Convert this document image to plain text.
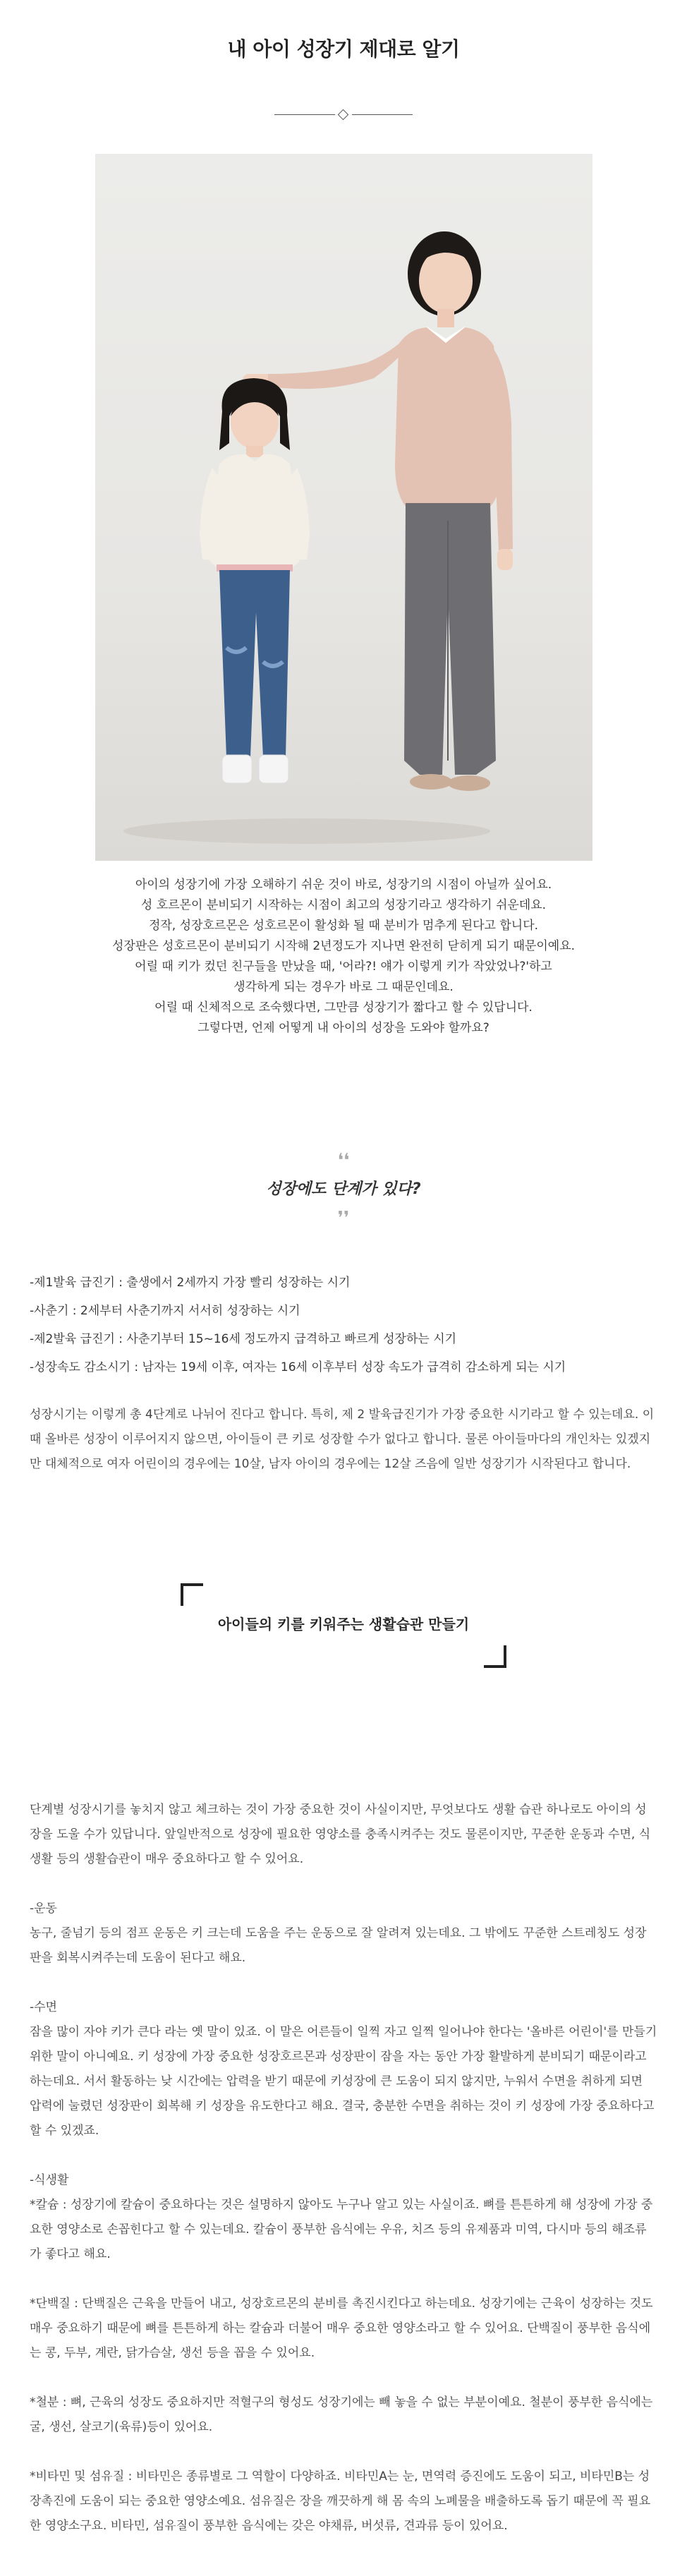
내 아이 성장기 제대로 알기

아이의 성장기에 가장 오해하기 쉬운 것이 바로, 성장기의 시점이 아닐까 싶어요.

성 호르몬이 분비되기 시작하는 시점이 최고의 성장기라고 생각하기 쉬운데요.

정작, 성장호르몬은 성호르몬이 활성화 될 때 분비가 멈추게 된다고 합니다.

성장판은 성호르몬이 분비되기 시작해 2년정도가 지나면 완전히 닫히게 되기 때문이예요.

어릴 때 키가 컸던 친구들을 만났을 때, '어라?! 얘가 이렇게 키가 작았었나?'하고

생각하게 되는 경우가 바로 그 때문인데요.

어릴 때 신체적으로 조숙했다면, 그만큼 성장기가 짧다고 할 수 있답니다.

그렇다면, 언제 어떻게 내 아이의 성장을 도와야 할까요?

❛❛
성장에도 단계가 있다?
❜❜

-제1발육 급진기 : 출생에서 2세까지 가장 빨리 성장하는 시기

-사춘기 : 2세부터 사춘기까지 서서히 성장하는 시기

-제2발육 급진기 : 사춘기부터 15~16세 정도까지 급격하고 빠르게 성장하는 시기

-성장속도 감소시기 : 남자는 19세 이후, 여자는 16세 이후부터 성장 속도가 급격히 감소하게 되는 시기

성장시기는 이렇게 총 4단계로 나뉘어 진다고 합니다. 특히, 제 2 발육급진기가 가장 중요한 시기라고 할 수 있는데요. 이 때 올바른 성장이 이루어지지 않으면, 아이들이 큰 키로 성장할 수가 없다고 합니다. 물론 아이들마다의 개인차는 있겠지만 대체적으로 여자 어린이의 경우에는 10살, 남자 아이의 경우에는 12살 즈음에 일반 성장기가 시작된다고 합니다.

아이들의 키를 키워주는 생활습관 만들기

단계별 성장시기를 놓치지 않고 체크하는 것이 가장 중요한 것이 사실이지만, 무엇보다도 생활 습관 하나로도 아이의 성장을 도울 수가 있답니다. 앞일반적으로 성장에 필요한 영양소를 충족시켜주는 것도 물론이지만, 꾸준한 운동과 수면, 식생활 등의 생활습관이 매우 중요하다고 할 수 있어요.

-운동

농구, 줄넘기 등의 점프 운동은 키 크는데 도움을 주는 운동으로 잘 알려져 있는데요. 그 밖에도 꾸준한 스트레칭도 성장판을 회복시켜주는데 도움이 된다고 해요.

-수면

잠을 많이 자야 키가 큰다 라는 옛 말이 있죠. 이 말은 어른들이 일찍 자고 일찍 일어나야 한다는 '올바른 어린이'를 만들기 위한 말이 아니예요. 키 성장에 가장 중요한 성장호르몬과 성장판이 잠을 자는 동안 가장 활발하게 분비되기 때문이라고 하는데요. 서서 활동하는 낮 시간에는 압력을 받기 때문에 키성장에 큰 도움이 되지 않지만, 누워서 수면을 취하게 되면 압력에 눌렸던 성장판이 회복해 키 성장을 유도한다고 해요. 결국, 충분한 수면을 취하는 것이 키 성장에 가장 중요하다고 할 수 있겠죠.

-식생활

*칼슘 : 성장기에 칼슘이 중요하다는 것은 설명하지 않아도 누구나 알고 있는 사실이죠. 뼈를 튼튼하게 해 성장에 가장 중요한 영양소로 손꼽힌다고 할 수 있는데요. 칼슘이 풍부한 음식에는 우유, 치즈 등의 유제품과 미역, 다시마 등의 해조류가 좋다고 해요.

*단백질 : 단백질은 근육을 만들어 내고, 성장호르몬의 분비를 촉진시킨다고 하는데요. 성장기에는 근육이 성장하는 것도 매우 중요하기 때문에 뼈를 튼튼하게 하는 칼슘과 더불어 매우 중요한 영양소라고 할 수 있어요. 단백질이 풍부한 음식에는 콩, 두부, 계란, 닭가슴살, 생선 등을 꼽을 수 있어요.

*철분 : 뼈, 근육의 성장도 중요하지만 적혈구의 형성도 성장기에는 빼 놓을 수 없는 부분이예요. 철분이 풍부한 음식에는 굴, 생선, 살코기(육류)등이 있어요.

*비타민 및 섬유질 : 비타민은 종류별로 그 역할이 다양하죠. 비타민A는 눈, 면역력 증진에도 도움이 되고, 비타민B는 성장촉진에 도움이 되는 중요한 영양소예요. 섬유질은 장을 깨끗하게 해 몸 속의 노폐물을 배출하도록 돕기 때문에 꼭 필요한 영양소구요. 비타민, 섬유질이 풍부한 음식에는 갖은 야채류, 버섯류, 견과류 등이 있어요.
